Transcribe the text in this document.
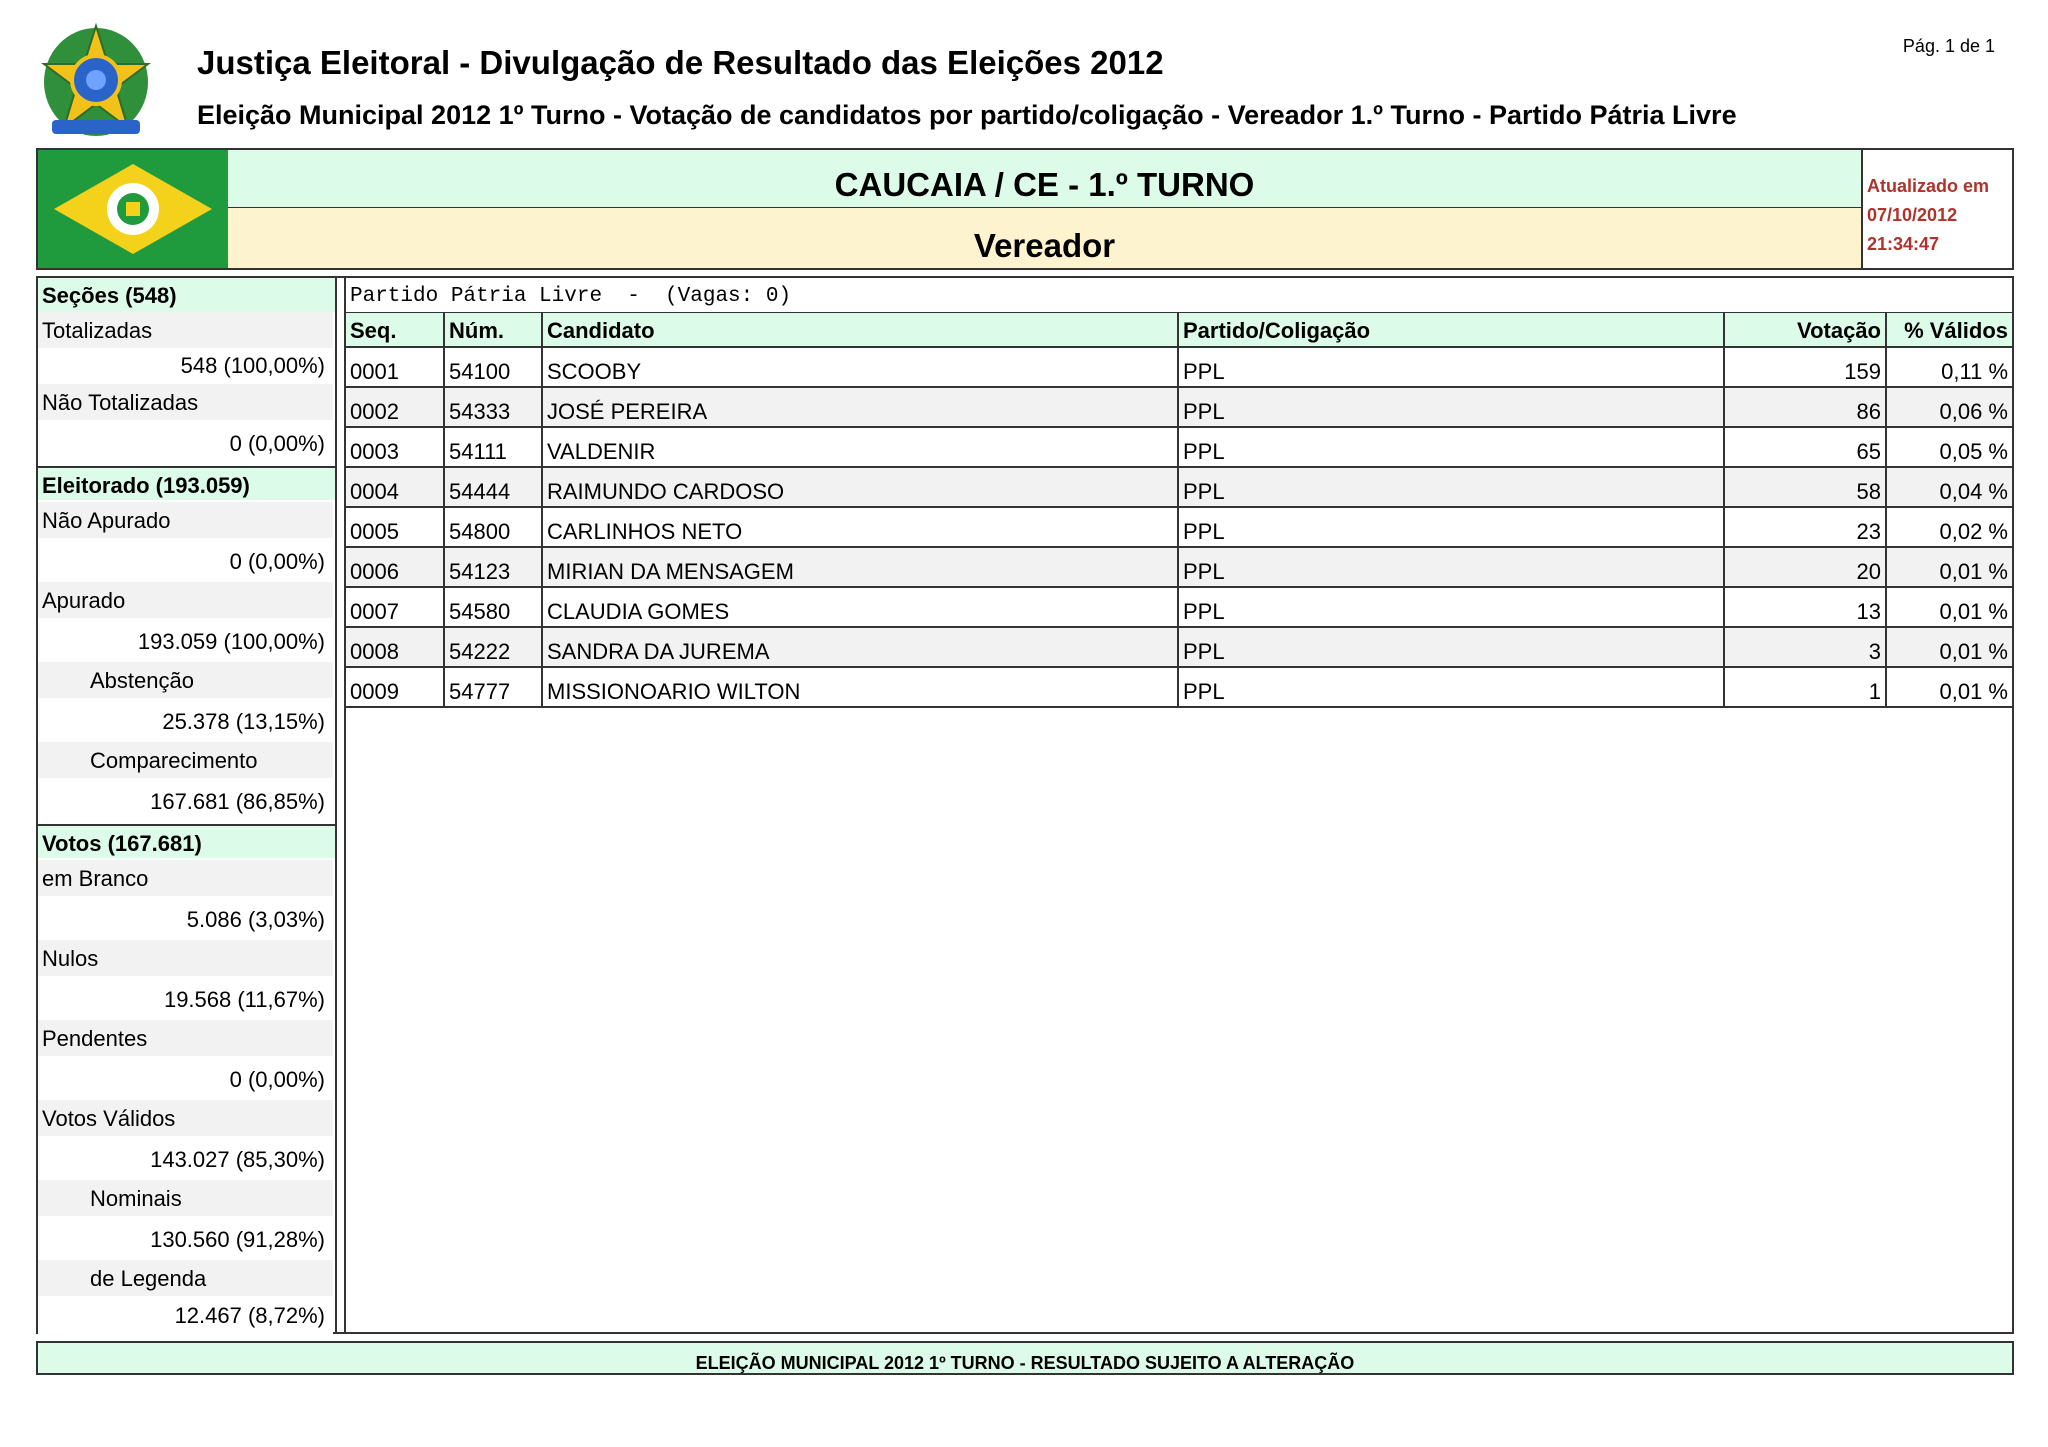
Justiça Eleitoral - Divulgação de Resultado das Eleições 2012
Eleição Municipal 2012 1º Turno - Votação de candidatos por partido/coligação - Vereador 1.º Turno - Partido Pátria Livre
Pág. 1 de 1
CAUCAIA / CE - 1.º TURNO
Vereador
Atualizado em
07/10/2012
21:34:47
Seções (548)
Totalizadas
548 (100,00%)
Não Totalizadas
0 (0,00%)
Eleitorado (193.059)
Não Apurado
0 (0,00%)
Apurado
193.059 (100,00%)
Abstenção
25.378 (13,15%)
Comparecimento
167.681 (86,85%)
Votos (167.681)
em Branco
5.086 (3,03%)
Nulos
19.568 (11,67%)
Pendentes
0 (0,00%)
Votos Válidos
143.027 (85,30%)
Nominais
130.560 (91,28%)
de Legenda
12.467 (8,72%)
Partido Pátria Livre  -  (Vagas: 0)
Seq.	Núm.	Candidato	Partido/Coligação	Votação	% Válidos
0001	54100	SCOOBY	PPL	159	0,11 %
0002	54333	JOSÉ PEREIRA	PPL	86	0,06 %
0003	54111	VALDENIR	PPL	65	0,05 %
0004	54444	RAIMUNDO CARDOSO	PPL	58	0,04 %
0005	54800	CARLINHOS NETO	PPL	23	0,02 %
0006	54123	MIRIAN DA MENSAGEM	PPL	20	0,01 %
0007	54580	CLAUDIA GOMES	PPL	13	0,01 %
0008	54222	SANDRA DA JUREMA	PPL	3	0,01 %
0009	54777	MISSIONOARIO WILTON	PPL	1	0,01 %
ELEIÇÃO MUNICIPAL 2012 1º TURNO - RESULTADO SUJEITO A ALTERAÇÃO
